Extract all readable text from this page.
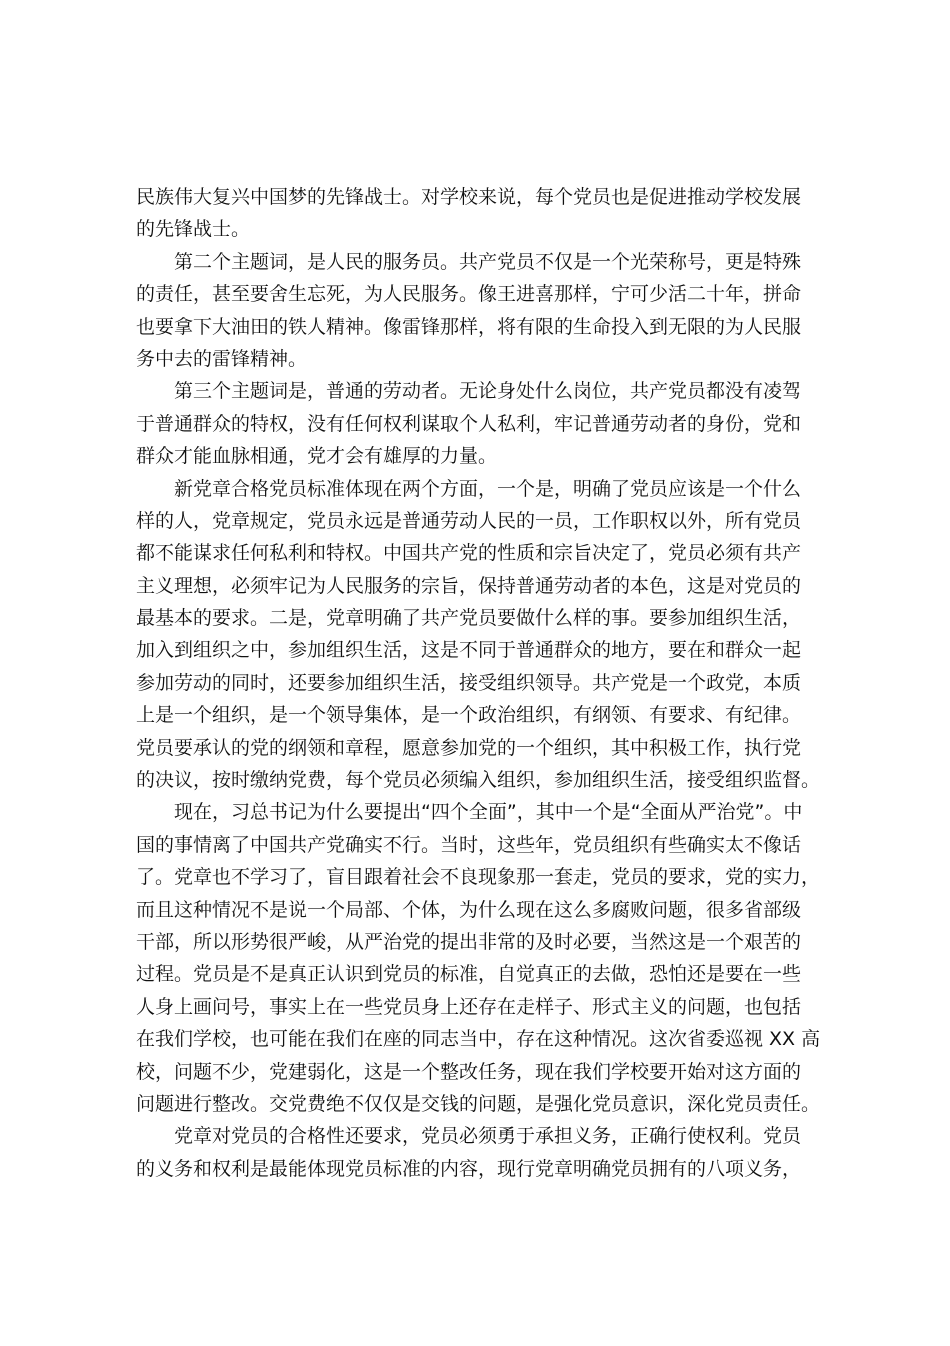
民族伟大复兴中国梦的先锋战士。对学校来说，每个党员也是促进推动学校发展
的先锋战士。
第二个主题词，是人民的服务员。共产党员不仅是一个光荣称号，更是特殊
的责任，甚至要舍生忘死，为人民服务。像王进喜那样，宁可少活二十年，拼命
也要拿下大油田的铁人精神。像雷锋那样，将有限的生命投入到无限的为人民服
务中去的雷锋精神。
第三个主题词是，普通的劳动者。无论身处什么岗位，共产党员都没有凌驾
于普通群众的特权，没有任何权利谋取个人私利，牢记普通劳动者的身份，党和
群众才能血脉相通，党才会有雄厚的力量。
新党章合格党员标准体现在两个方面，一个是，明确了党员应该是一个什么
样的人，党章规定，党员永远是普通劳动人民的一员，工作职权以外，所有党员
都不能谋求任何私利和特权。中国共产党的性质和宗旨决定了，党员必须有共产
主义理想，必须牢记为人民服务的宗旨，保持普通劳动者的本色，这是对党员的
最基本的要求。二是，党章明确了共产党员要做什么样的事。要参加组织生活，
加入到组织之中，参加组织生活，这是不同于普通群众的地方，要在和群众一起
参加劳动的同时，还要参加组织生活，接受组织领导。共产党是一个政党，本质
上是一个组织，是一个领导集体，是一个政治组织，有纲领、有要求、有纪律。
党员要承认的党的纲领和章程，愿意参加党的一个组织，其中积极工作，执行党
的决议，按时缴纳党费，每个党员必须编入组织，参加组织生活，接受组织监督。
现在，习总书记为什么要提出“四个全面”，其中一个是“全面从严治党”。中
国的事情离了中国共产党确实不行。当时，这些年，党员组织有些确实太不像话
了。党章也不学习了，盲目跟着社会不良现象那一套走，党员的要求，党的实力，
而且这种情况不是说一个局部、个体，为什么现在这么多腐败问题，很多省部级
干部，所以形势很严峻，从严治党的提出非常的及时必要，当然这是一个艰苦的
过程。党员是不是真正认识到党员的标准，自觉真正的去做，恐怕还是要在一些
人身上画问号，事实上在一些党员身上还存在走样子、形式主义的问题，也包括
在我们学校，也可能在我们在座的同志当中，存在这种情况。这次省委巡视 XX 高
校，问题不少，党建弱化，这是一个整改任务，现在我们学校要开始对这方面的
问题进行整改。交党费绝不仅仅是交钱的问题，是强化党员意识，深化党员责任。
党章对党员的合格性还要求，党员必须勇于承担义务，正确行使权利。党员
的义务和权利是最能体现党员标准的内容，现行党章明确党员拥有的八项义务，
